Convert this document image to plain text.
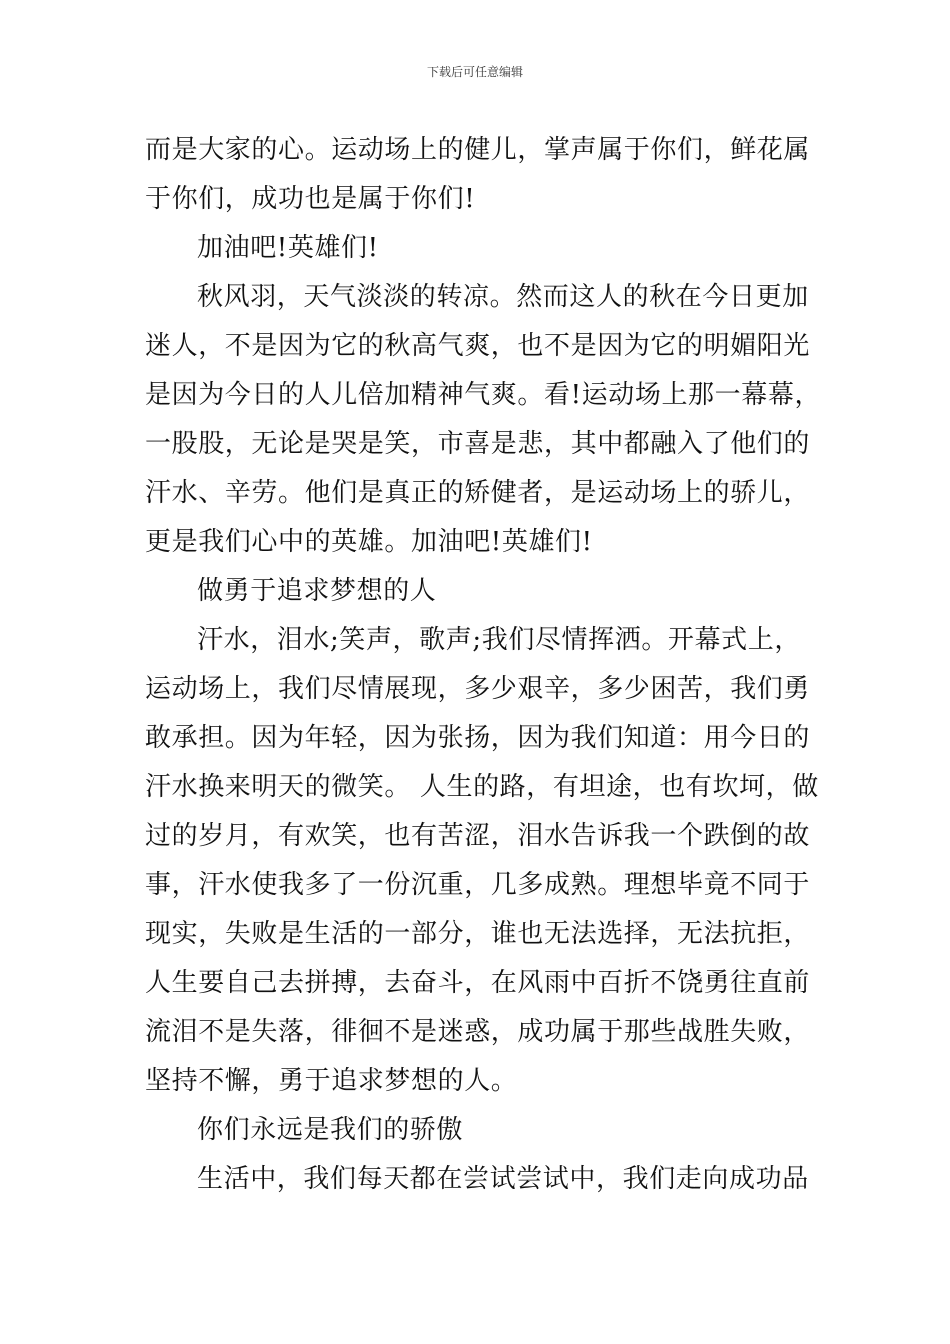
下载后可任意编辑
而是大家的心。运动场上的健儿，掌声属于你们，鲜花属
于你们，成功也是属于你们!
加油吧!英雄们!
秋风羽，天气淡淡的转凉。然而这人的秋在今日更加
迷人，不是因为它的秋高气爽，也不是因为它的明媚阳光
是因为今日的人儿倍加精神气爽。看!运动场上那一幕幕，
一股股，无论是哭是笑，市喜是悲，其中都融入了他们的
汗水、辛劳。他们是真正的矫健者，是运动场上的骄儿，
更是我们心中的英雄。加油吧!英雄们!
做勇于追求梦想的人
汗水，泪水;笑声，歌声;我们尽情挥洒。开幕式上，
运动场上，我们尽情展现，多少艰辛，多少困苦，我们勇
敢承担。因为年轻，因为张扬，因为我们知道：用今日的
汗水换来明天的微笑。 人生的路，有坦途，也有坎坷，做
过的岁月，有欢笑，也有苦涩，泪水告诉我一个跌倒的故
事，汗水使我多了一份沉重，几多成熟。理想毕竟不同于
现实，失败是生活的一部分，谁也无法选择，无法抗拒，
人生要自己去拼搏，去奋斗，在风雨中百折不饶勇往直前
流泪不是失落，徘徊不是迷惑，成功属于那些战胜失败，
坚持不懈，勇于追求梦想的人。
你们永远是我们的骄傲
生活中，我们每天都在尝试尝试中，我们走向成功品
